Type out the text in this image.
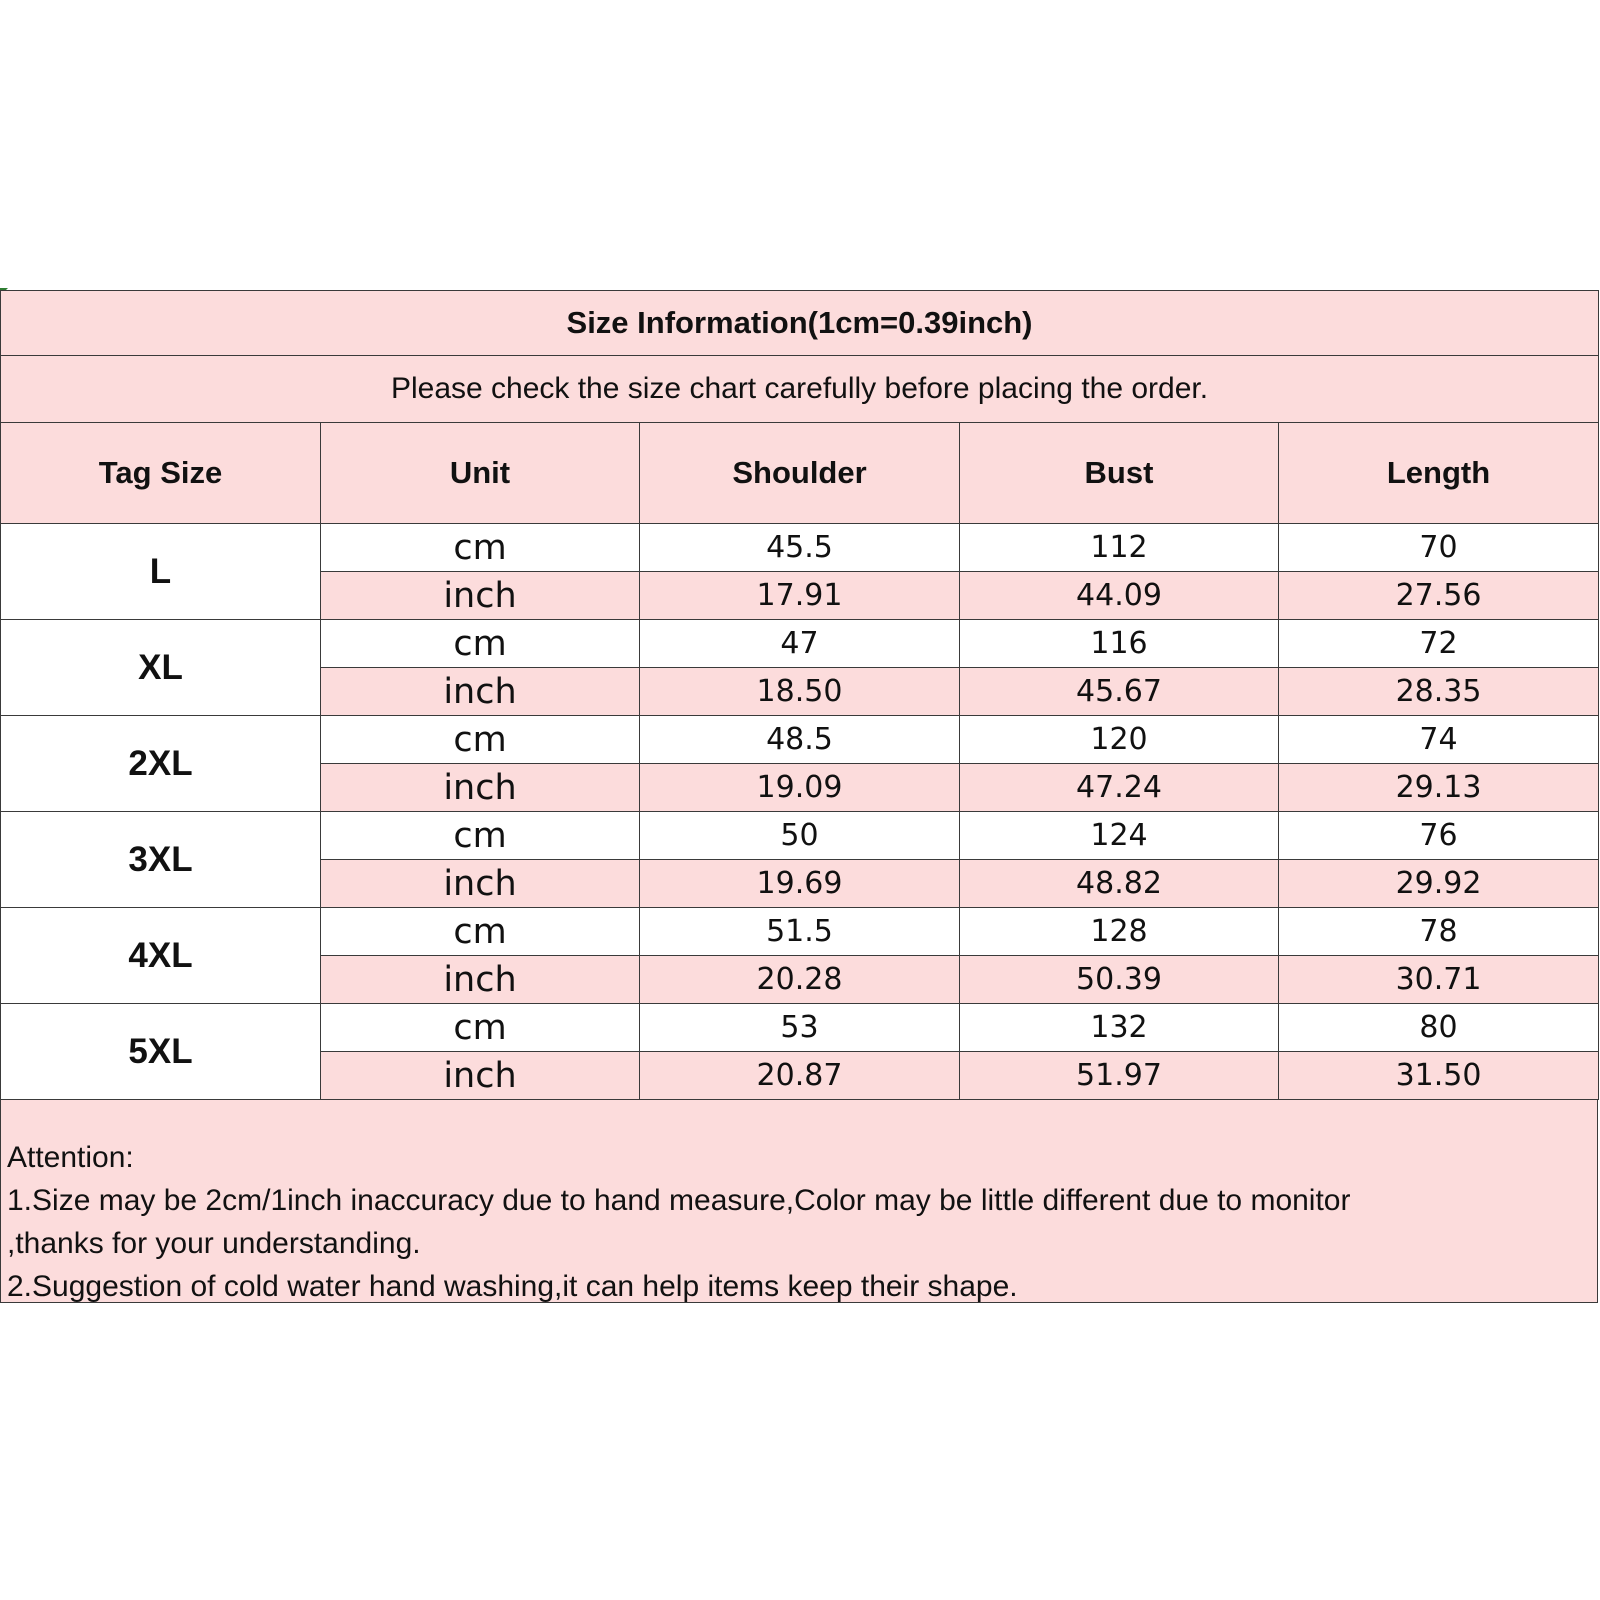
Size Information(1cm=0.39inch)				
Please check the size chart carefully before placing the order.				
Tag Size	Unit	Shoulder	Bust	Length
L	cm	45.5	112	70
	inch	17.91	44.09	27.56
XL	cm	47	116	72
	inch	18.50	45.67	28.35
2XL	cm	48.5	120	74
	inch	19.09	47.24	29.13
3XL	cm	50	124	76
	inch	19.69	48.82	29.92
4XL	cm	51.5	128	78
	inch	20.28	50.39	30.71
5XL	cm	53	132	80
	inch	20.87	51.97	31.50
Attention:
1.Size may be 2cm/1inch inaccuracy due to hand measure,Color may be little different due to monitor
,thanks for your understanding.
2.Suggestion of cold water hand washing,it can help items keep their shape.
